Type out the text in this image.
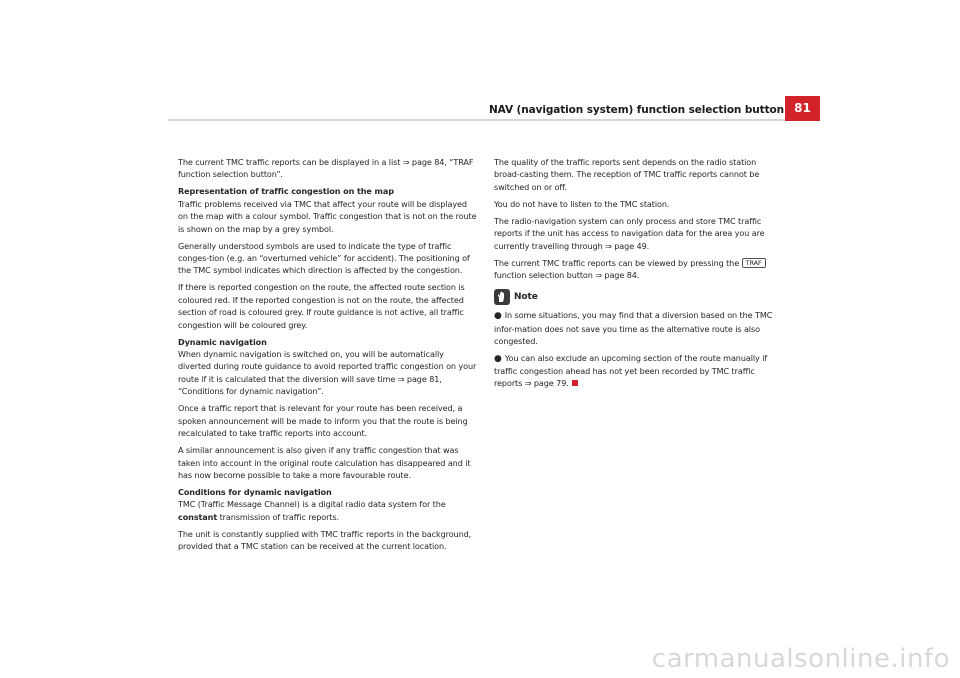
NAV (navigation system) function selection button 81

The current TMC traffic reports can be displayed in a list ⇒ page 84, “TRAF function selection button”.

Representation of traffic congestion on the map

Traffic problems received via TMC that affect your route will be displayed on the map with a colour symbol. Traffic congestion that is not on the route is shown on the map by a grey symbol.

Generally understood symbols are used to indicate the type of traffic conges-tion (e.g. an “overturned vehicle” for accident). The positioning of the TMC symbol indicates which direction is affected by the congestion.

If there is reported congestion on the route, the affected route section is coloured red. If the reported congestion is not on the route, the affected section of road is coloured grey. If route guidance is not active, all traffic congestion will be coloured grey.

Dynamic navigation

When dynamic navigation is switched on, you will be automatically diverted during route guidance to avoid reported traffic congestion on your route if it is calculated that the diversion will save time ⇒ page 81, “Conditions for dynamic navigation”.

Once a traffic report that is relevant for your route has been received, a spoken announcement will be made to inform you that the route is being recalculated to take traffic reports into account.

A similar announcement is also given if any traffic congestion that was taken into account in the original route calculation has disappeared and it has now become possible to take a more favourable route.

Conditions for dynamic navigation

TMC (Traffic Message Channel) is a digital radio data system for the constant transmission of traffic reports.

The unit is constantly supplied with TMC traffic reports in the background, provided that a TMC station can be received at the current location.

The quality of the traffic reports sent depends on the radio station broad-casting them. The reception of TMC traffic reports cannot be switched on or off.

You do not have to listen to the TMC station.

The radio-navigation system can only process and store TMC traffic reports if the unit has access to navigation data for the area you are currently travelling through ⇒ page 49.

The current TMC traffic reports can be viewed by pressing the TRAF function selection button ⇒ page 84.

Note
● In some situations, you may find that a diversion based on the TMC infor-mation does not save you time as the alternative route is also congested.
● You can also exclude an upcoming section of the route manually if traffic congestion ahead has not yet been recorded by TMC traffic reports ⇒ page 79.
carmanualsonline.info
